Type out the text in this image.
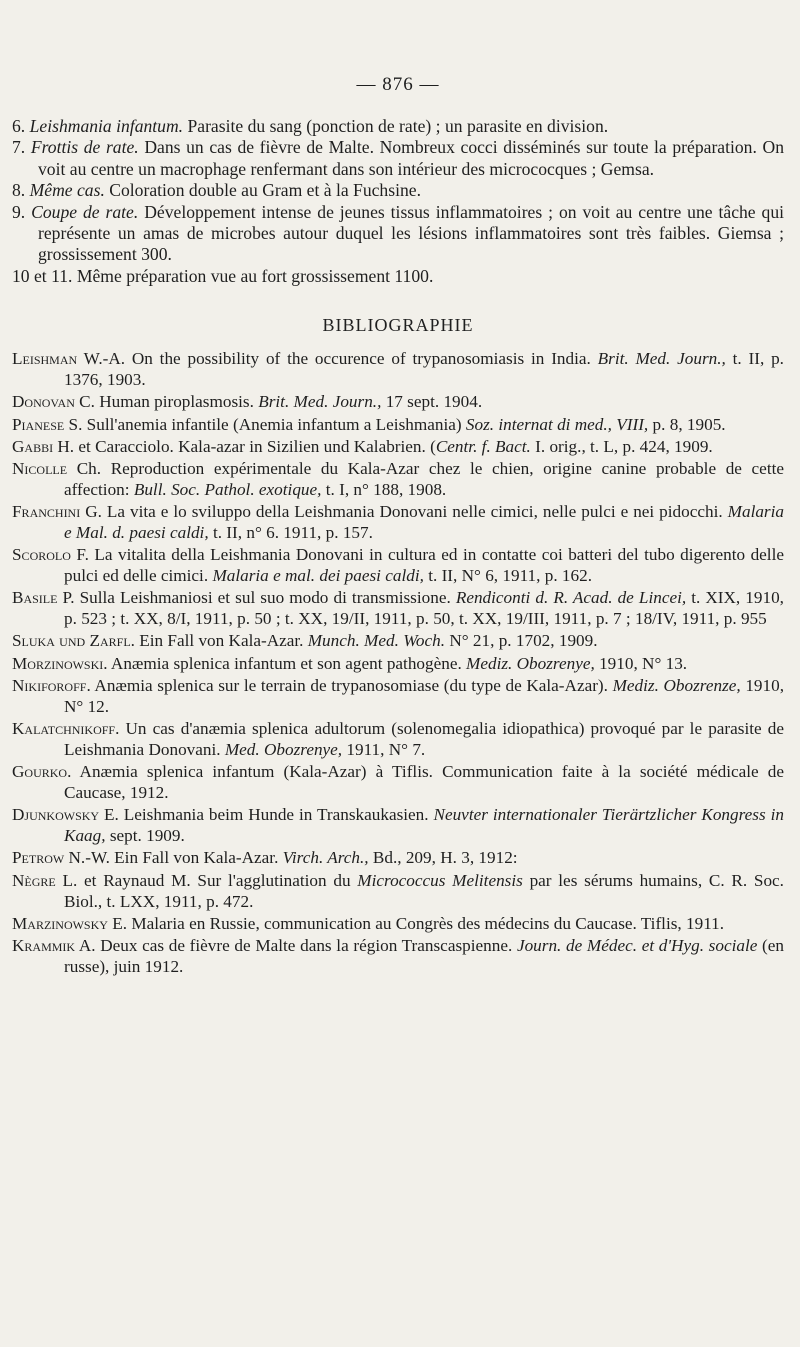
— 876 —

6. Leishmania infantum. Parasite du sang (ponction de rate) ; un parasite en division.

7. Frottis de rate. Dans un cas de fièvre de Malte. Nombreux cocci disséminés sur toute la préparation. On voit au centre un macrophage renfermant dans son intérieur des micrococques ; Gemsa.

8. Même cas. Coloration double au Gram et à la Fuchsine.

9. Coupe de rate. Développement intense de jeunes tissus inflammatoires ; on voit au centre une tâche qui représente un amas de microbes autour duquel les lésions inflammatoires sont très faibles. Giemsa ; grossissement 300.

10 et 11. Même préparation vue au fort grossissement 1100.

BIBLIOGRAPHIE

Leishman W.-A. On the possibility of the occurence of trypanosomiasis in India. Brit. Med. Journ., t. II, p. 1376, 1903.

Donovan C. Human piroplasmosis. Brit. Med. Journ., 17 sept. 1904.

Pianese S. Sull'anemia infantile (Anemia infantum a Leishmania) Soz. internat di med., VIII, p. 8, 1905.

Gabbi H. et Caracciolo. Kala-azar in Sizilien und Kalabrien. (Centr. f. Bact. I. orig., t. L, p. 424, 1909.

Nicolle Ch. Reproduction expérimentale du Kala-Azar chez le chien, origine canine probable de cette affection: Bull. Soc. Pathol. exotique, t. I, n° 188, 1908.

Franchini G. La vita e lo sviluppo della Leishmania Donovani nelle cimici, nelle pulci e nei pidocchi. Malaria e Mal. d. paesi caldi, t. II, n° 6. 1911, p. 157.

Scorolo F. La vitalita della Leishmania Donovani in cultura ed in contatte coi batteri del tubo digerento delle pulci ed delle cimici. Malaria e mal. dei paesi caldi, t. II, N° 6, 1911, p. 162.

Basile P. Sulla Leishmaniosi et sul suo modo di transmissione. Rendiconti d. R. Acad. de Lincei, t. XIX, 1910, p. 523 ; t. XX, 8/I, 1911, p. 50 ; t. XX, 19/II, 1911, p. 50, t. XX, 19/III, 1911, p. 7 ; 18/IV, 1911, p. 955

Sluka und Zarfl. Ein Fall von Kala-Azar. Munch. Med. Woch. N° 21, p. 1702, 1909.

Morzinowski. Anæmia splenica infantum et son agent pathogène. Mediz. Obozrenye, 1910, N° 13.

Nikiforoff. Anæmia splenica sur le terrain de trypanosomiase (du type de Kala-Azar). Mediz. Obozrenze, 1910, N° 12.

Kalatchnikoff. Un cas d'anæmia splenica adultorum (solenomegalia idiopathica) provoqué par le parasite de Leishmania Donovani. Med. Obozrenye, 1911, N° 7.

Gourko. Anæmia splenica infantum (Kala-Azar) à Tiflis. Communication faite à la société médicale de Caucase, 1912.

Djunkowsky E. Leishmania beim Hunde in Transkaukasien. Neuvter internationaler Tierärtzlicher Kongress in Kaag, sept. 1909.

Petrow N.-W. Ein Fall von Kala-Azar. Virch. Arch., Bd., 209, H. 3, 1912:

Nègre L. et Raynaud M. Sur l'agglutination du Micrococcus Melitensis par les sérums humains, C. R. Soc. Biol., t. LXX, 1911, p. 472.

Marzinowsky E. Malaria en Russie, communication au Congrès des médecins du Caucase. Tiflis, 1911.

Krammik A. Deux cas de fièvre de Malte dans la région Transcaspienne. Journ. de Médec. et d'Hyg. sociale (en russe), juin 1912.
